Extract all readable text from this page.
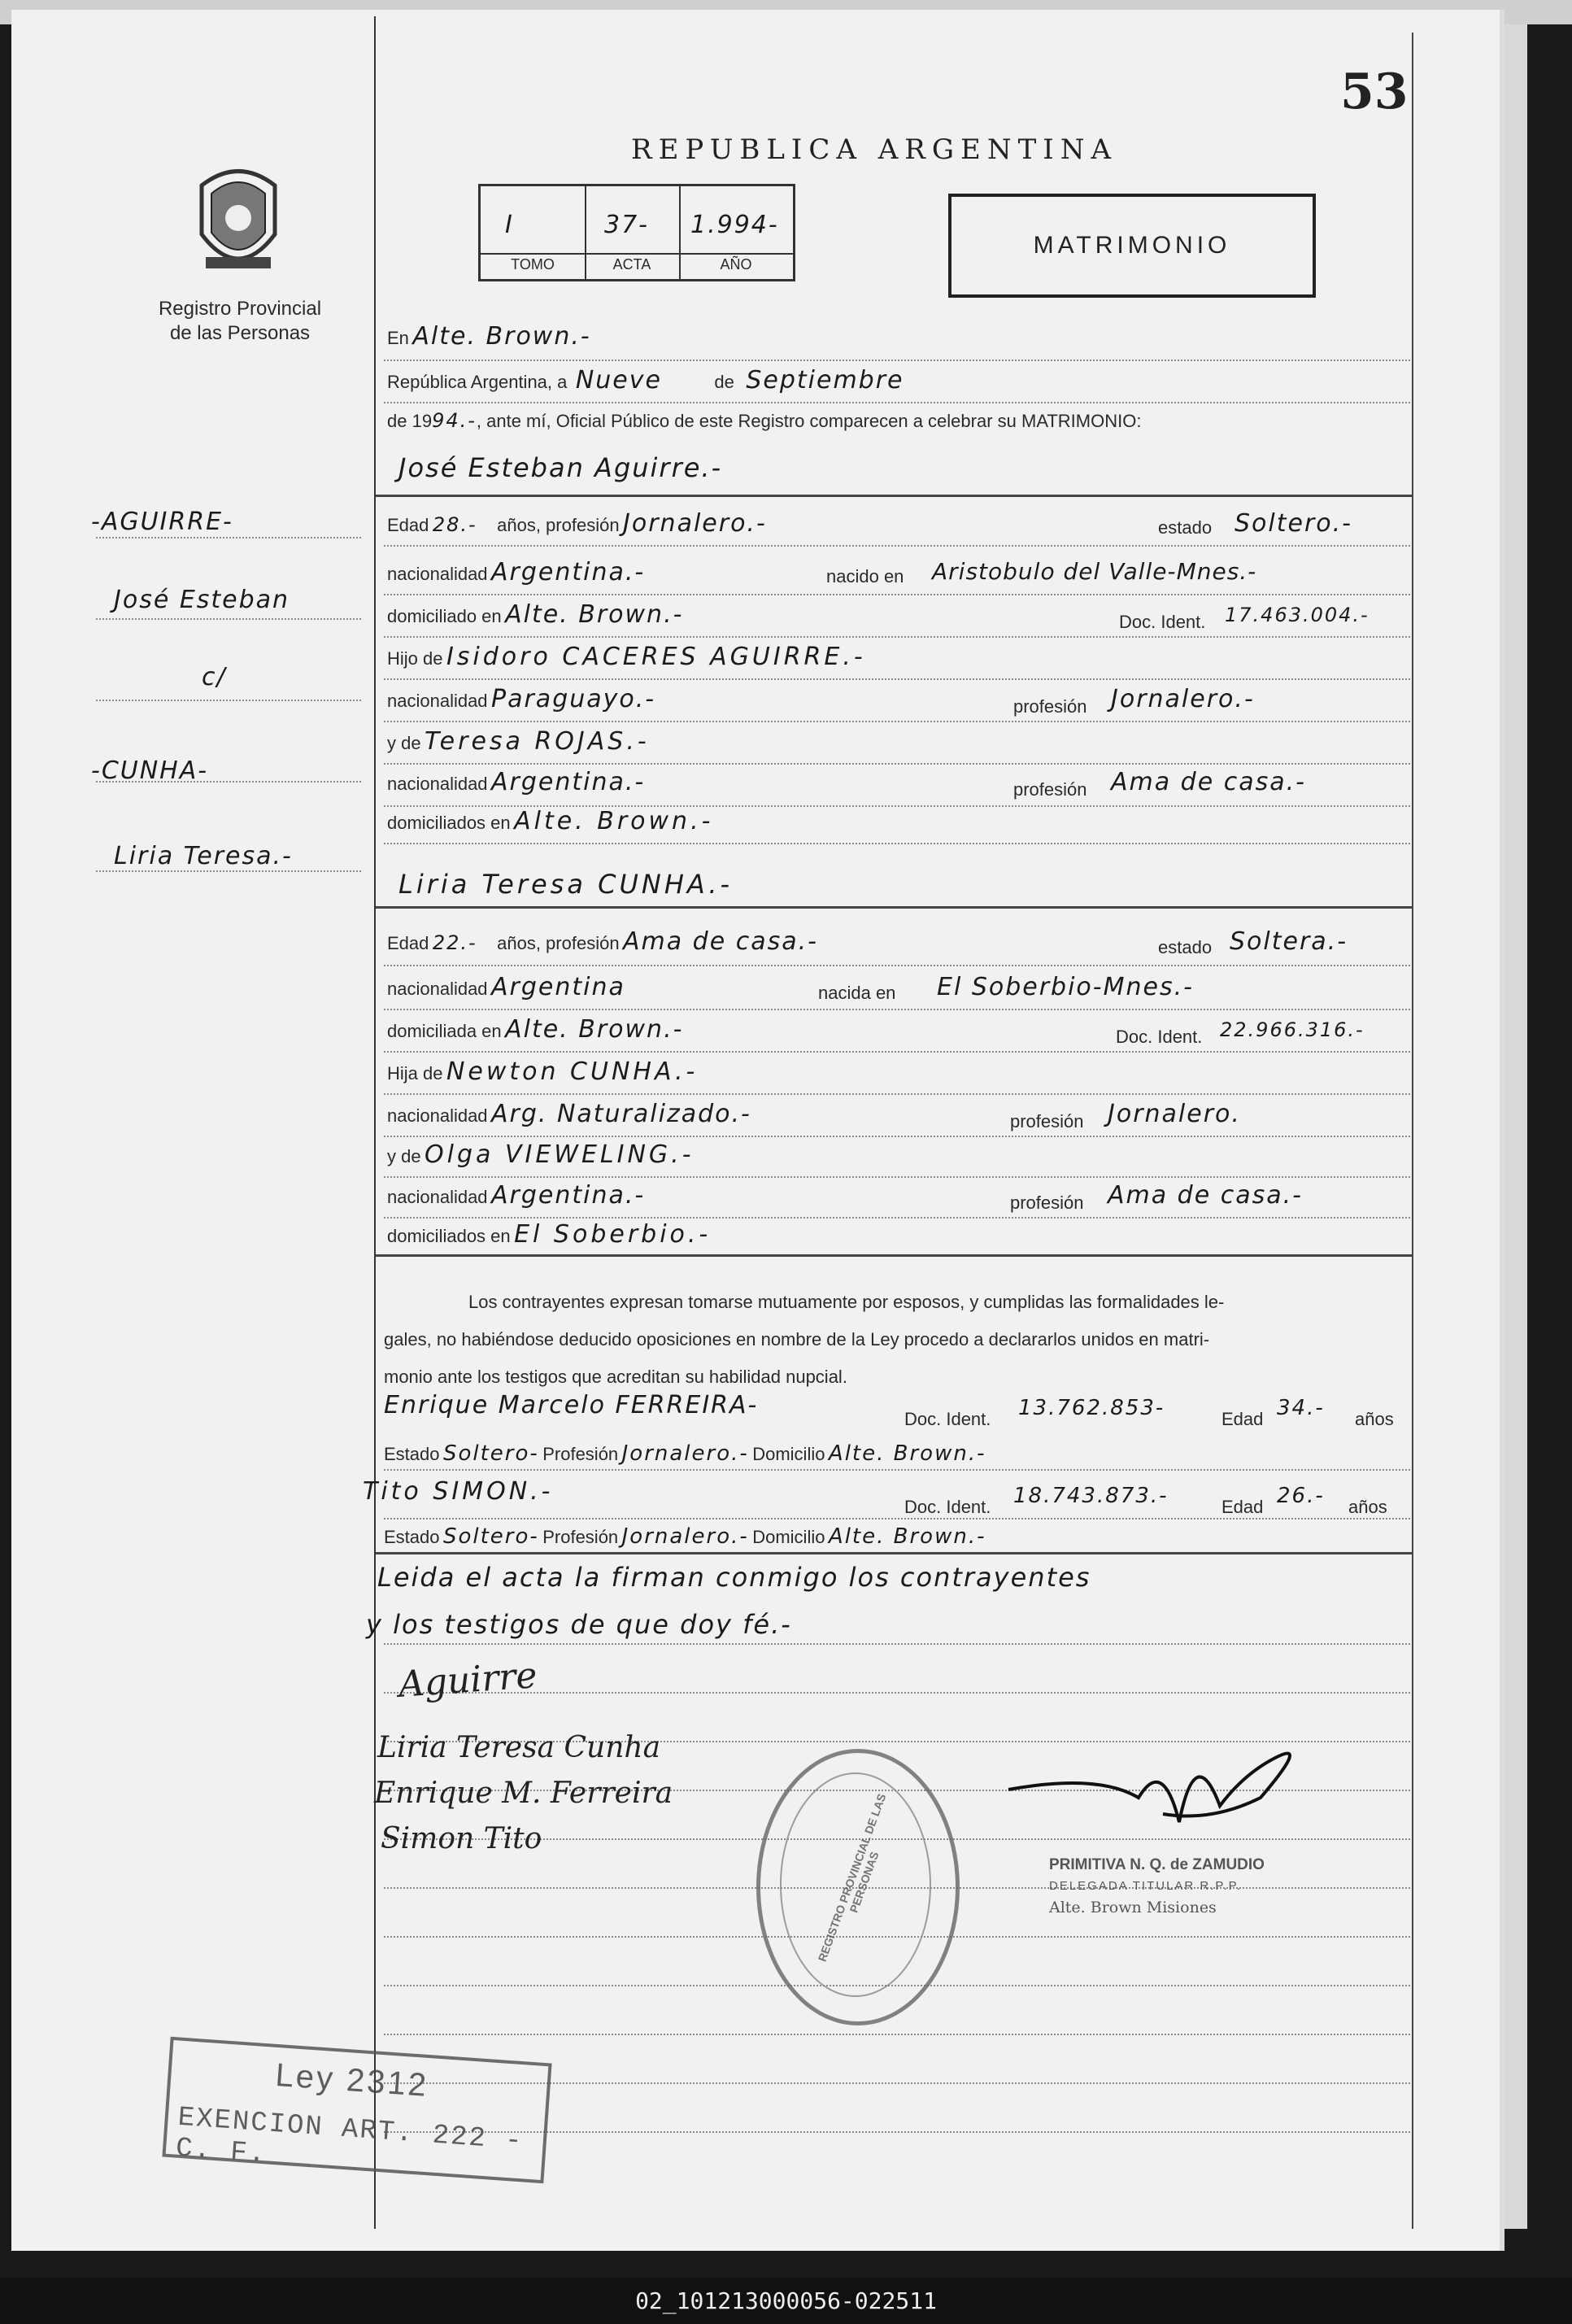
53
Registro Provincial
de las Personas
REPUBLICA ARGENTINA
I	37- 1.994-
TOMO	ACTA	AÑO
MATRIMONIO
-AGUIRRE-
José Esteban
c/
-CUNHA-
Liria Teresa.-
En Alte. Brown.-
República Argentina, a Nueve	de Septiembre
de 1994.-, ante mí, Oficial Público de este Registro comparecen a celebrar su MATRIMONIO:
José Esteban Aguirre.-
Edad 28.- años, profesión Jornalero.-	estado Soltero.-
nacionalidad Argentina.-	nacido en Aristobulo del Valle-Mnes.-
domiciliado en Alte. Brown.-	Doc. Ident. 17.463.004.-
Hijo de Isidoro CACERES AGUIRRE.-
nacionalidad Paraguayo.-	profesión Jornalero.-
y de Teresa ROJAS.-
nacionalidad Argentina.-	profesión Ama de casa.-
domiciliados en Alte. Brown.-
Liria Teresa CUNHA.-
Edad 22.- años, profesión Ama de casa.-	estado Soltera.-
nacionalidad Argentina	nacida en El Soberbio-Mnes.-
domiciliada en Alte. Brown.-	Doc. Ident. 22.966.316.-
Hija de Newton CUNHA.-
nacionalidad Arg. Naturalizado.-	profesión Jornalero.
y de Olga VIEWELING.-
nacionalidad Argentina.-	profesión Ama de casa.-
domiciliados en El Soberbio.-
Los contrayentes expresan tomarse mutuamente por esposos, y cumplidas las formalidades le-
gales, no habiéndose deducido oposiciones en nombre de la Ley procedo a declararlos unidos en matri-
monio ante los testigos que acreditan su habilidad nupcial.
Enrique Marcelo FERREIRA-	Doc. Ident. 13.762.853-	Edad 34.- años
Estado Soltero- Profesión Jornalero.- Domicilio Alte. Brown.-
Tito SIMON.-
Doc. Ident. 18.743.873.-	Edad 26.- años
Estado Soltero- Profesión Jornalero.- Domicilio Alte. Brown.-
Leida el acta la firman conmigo los contrayentes
y los testigos de que doy fé.-
Aguirre
Liria Teresa Cunha
Enrique M. Ferreira
Simon Tito	REGISTRO PROVINCIAL DE LAS PERSONAS	PRIMITIVA N. Q. de ZAMUDIO
DELEGADA TITULAR R.P.P.
Alte. Brown Misiones
Ley 2312
EXENCION ART. 222 - C. F.
02_101213000056-022511
